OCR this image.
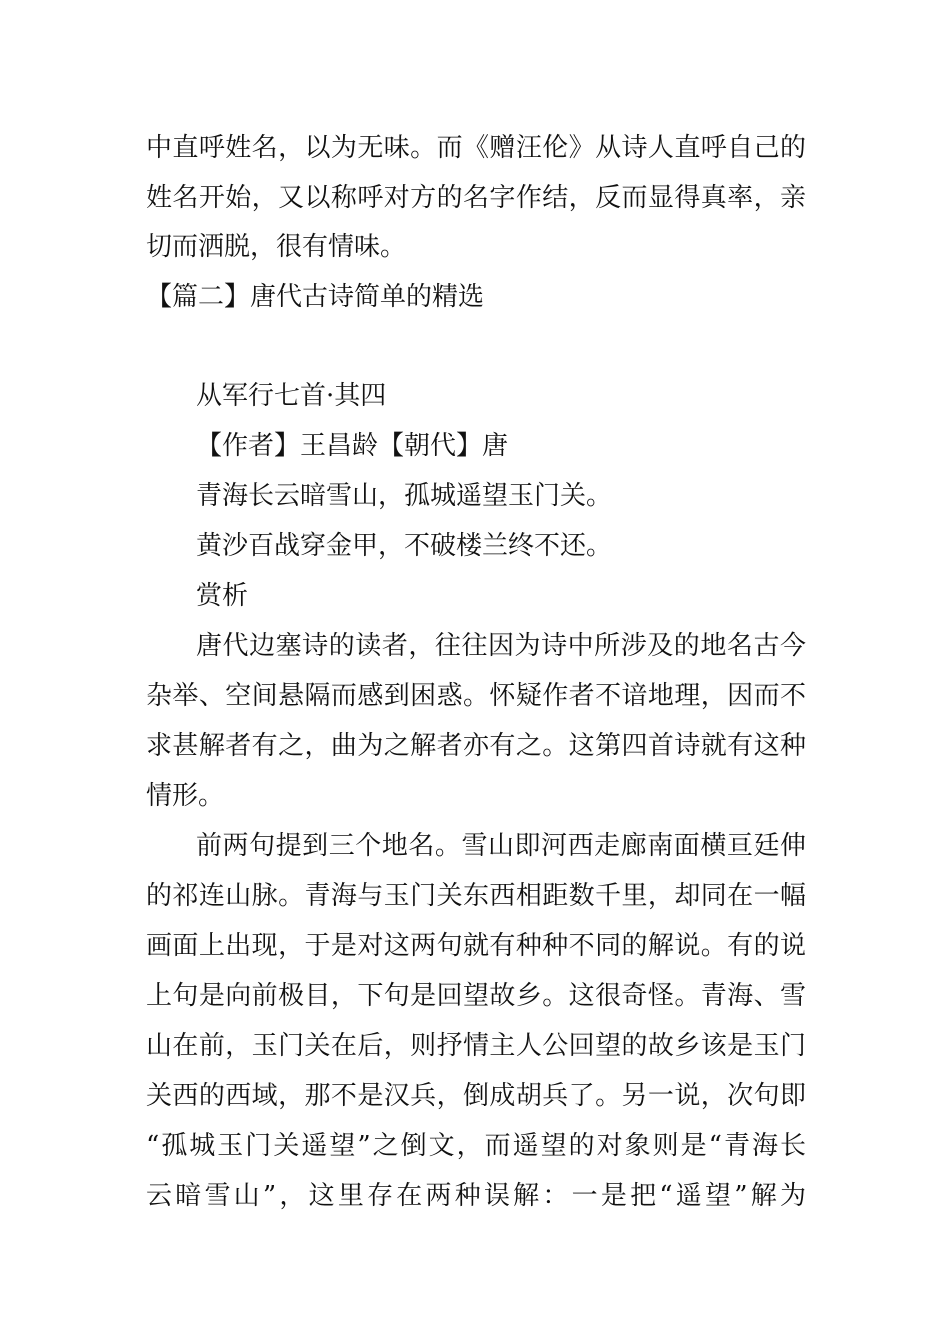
中直呼姓名，以为无味。而《赠汪伦》从诗人直呼自己的
姓名开始，又以称呼对方的名字作结，反而显得真率，亲
切而洒脱，很有情味。
【篇二】唐代古诗简单的精选
从军行七首·其四
【作者】王昌龄【朝代】唐
青海长云暗雪山，孤城遥望玉门关。
黄沙百战穿金甲，不破楼兰终不还。
赏析
唐代边塞诗的读者，往往因为诗中所涉及的地名古今
杂举、空间悬隔而感到困惑。怀疑作者不谙地理，因而不
求甚解者有之，曲为之解者亦有之。这第四首诗就有这种
情形。
前两句提到三个地名。雪山即河西走廊南面横亘廷伸
的祁连山脉。青海与玉门关东西相距数千里，却同在一幅
画面上出现，于是对这两句就有种种不同的解说。有的说
上句是向前极目，下句是回望故乡。这很奇怪。青海、雪
山在前，玉门关在后，则抒情主人公回望的故乡该是玉门
关西的西域，那不是汉兵，倒成胡兵了。另一说，次句即
“孤城玉门关遥望”之倒文，而遥望的对象则是“青海长
云暗雪山”，这里存在两种误解：一是把“遥望”解为
